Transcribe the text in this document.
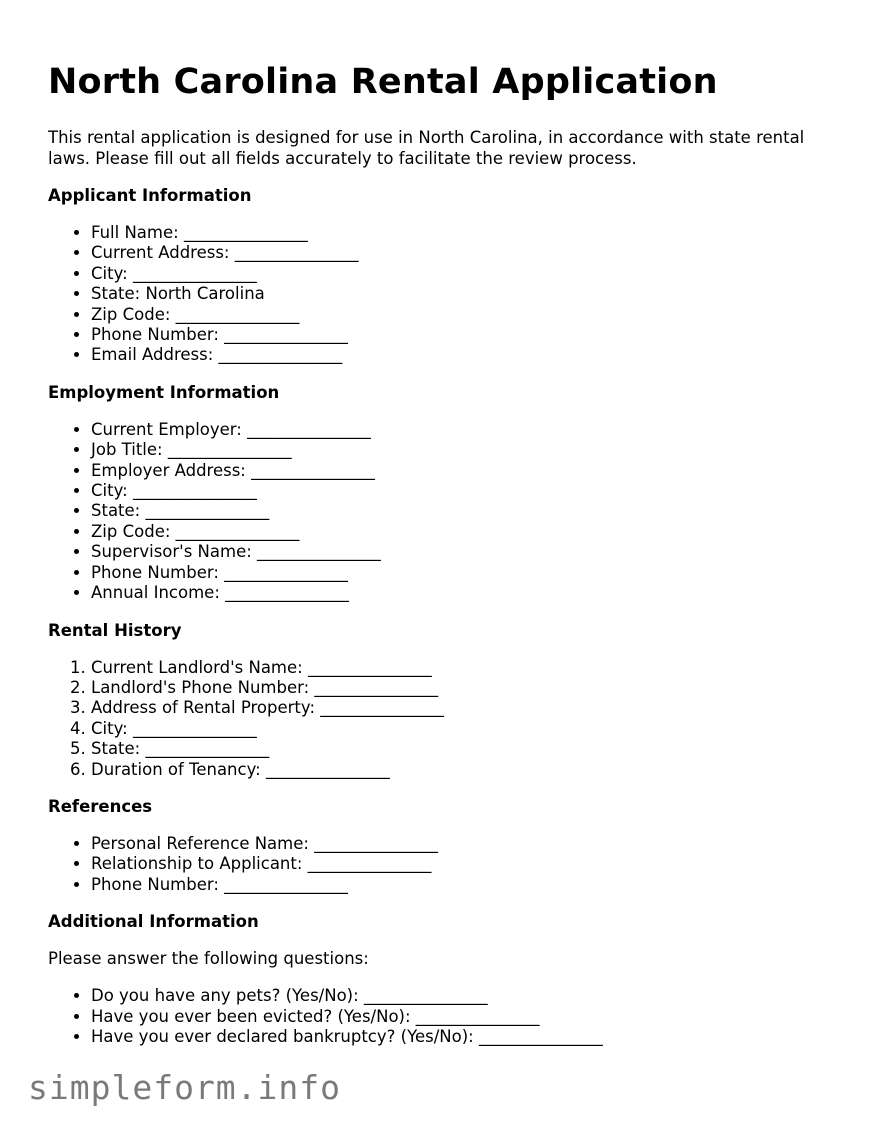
North Carolina Rental Application

This rental application is designed for use in North Carolina, in accordance with state rental laws. Please fill out all fields accurately to facilitate the review process.

Applicant Information
• Full Name: _______________
• Current Address: _______________
• City: _______________
• State: North Carolina
• Zip Code: _______________
• Phone Number: _______________
• Email Address: _______________
Employment Information
• Current Employer: _______________
• Job Title: _______________
• Employer Address: _______________
• City: _______________
• State: _______________
• Zip Code: _______________
• Supervisor's Name: _______________
• Phone Number: _______________
• Annual Income: _______________
Rental History
1. Current Landlord's Name: _______________
2. Landlord's Phone Number: _______________
3. Address of Rental Property: _______________
4. City: _______________
5. State: _______________
6. Duration of Tenancy: _______________
References
• Personal Reference Name: _______________
• Relationship to Applicant: _______________
• Phone Number: _______________
Additional Information

Please answer the following questions:

• Do you have any pets? (Yes/No): _______________
• Have you ever been evicted? (Yes/No): _______________
• Have you ever declared bankruptcy? (Yes/No): _______________
simpleform.info
